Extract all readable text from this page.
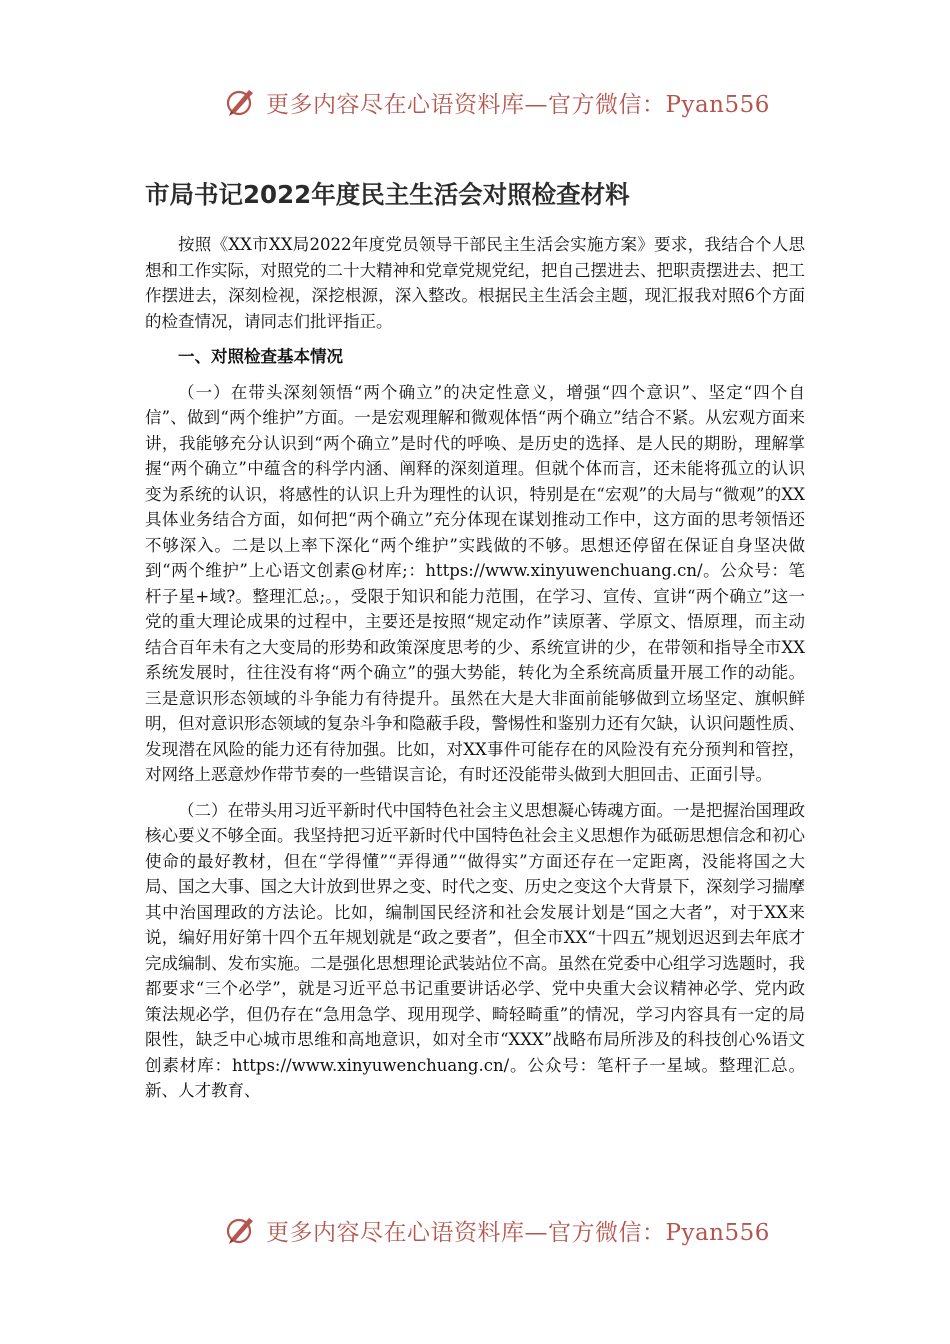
更多内容尽在心语资料库—官方微信：Pyan556
市局书记2022年度民主生活会对照检查材料

按照《XX市XX局2022年度党员领导干部民主生活会实施方案》要求，我结合个人思想和工作实际，对照党的二十大精神和党章党规党纪，把自己摆进去、把职责摆进去、把工作摆进去，深刻检视，深挖根源，深入整改。根据民主生活会主题，现汇报我对照6个方面的检查情况，请同志们批评指正。

一、对照检查基本情况

（一）在带头深刻领悟“两个确立”的决定性意义，增强“四个意识”、坚定“四个自信”、做到“两个维护”方面。一是宏观理解和微观体悟“两个确立”结合不紧。从宏观方面来讲，我能够充分认识到“两个确立”是时代的呼唤、是历史的选择、是人民的期盼，理解掌握“两个确立”中蕴含的科学内涵、阐释的深刻道理。但就个体而言，还未能将孤立的认识变为系统的认识，将感性的认识上升为理性的认识，特别是在“宏观”的大局与“微观”的XX具体业务结合方面，如何把“两个确立”充分体现在谋划推动工作中，这方面的思考领悟还不够深入。二是以上率下深化“两个维护”实践做的不够。思想还停留在保证自身坚决做到“两个维护”上心语文创素@材库;：https://www.xinyuwenchuang.cn/。公众号：笔杆子星+域?。整理汇总;。，受限于知识和能力范围，在学习、宣传、宣讲“两个确立”这一党的重大理论成果的过程中，主要还是按照“规定动作”读原著、学原文、悟原理，而主动结合百年未有之大变局的形势和政策深度思考的少、系统宣讲的少，在带领和指导全市XX系统发展时，往往没有将“两个确立”的强大势能，转化为全系统高质量开展工作的动能。三是意识形态领域的斗争能力有待提升。虽然在大是大非面前能够做到立场坚定、旗帜鲜明，但对意识形态领域的复杂斗争和隐蔽手段，警惕性和鉴别力还有欠缺，认识问题性质、发现潜在风险的能力还有待加强。比如，对XX事件可能存在的风险没有充分预判和管控，对网络上恶意炒作带节奏的一些错误言论，有时还没能带头做到大胆回击、正面引导。

（二）在带头用习近平新时代中国特色社会主义思想凝心铸魂方面。一是把握治国理政核心要义不够全面。我坚持把习近平新时代中国特色社会主义思想作为砥砺思想信念和初心使命的最好教材，但在“学得懂”“弄得通”“做得实”方面还存在一定距离，没能将国之大局、国之大事、国之大计放到世界之变、时代之变、历史之变这个大背景下，深刻学习揣摩其中治国理政的方法论。比如，编制国民经济和社会发展计划是“国之大者”，对于XX来说，编好用好第十四个五年规划就是“政之要者”，但全市XX“十四五”规划迟迟到去年底才完成编制、发布实施。二是强化思想理论武装站位不高。虽然在党委中心组学习选题时，我都要求“三个必学”，就是习近平总书记重要讲话必学、党中央重大会议精神必学、党内政策法规必学，但仍存在“急用急学、现用现学、畸轻畸重”的情况，学习内容具有一定的局限性，缺乏中心城市思维和高地意识，如对全市“XXX”战略布局所涉及的科技创心%语文创素材库：https://www.xinyuwenchuang.cn/。公众号：笔杆子一星域。整理汇总。新、人才教育、

更多内容尽在心语资料库—官方微信：Pyan556
